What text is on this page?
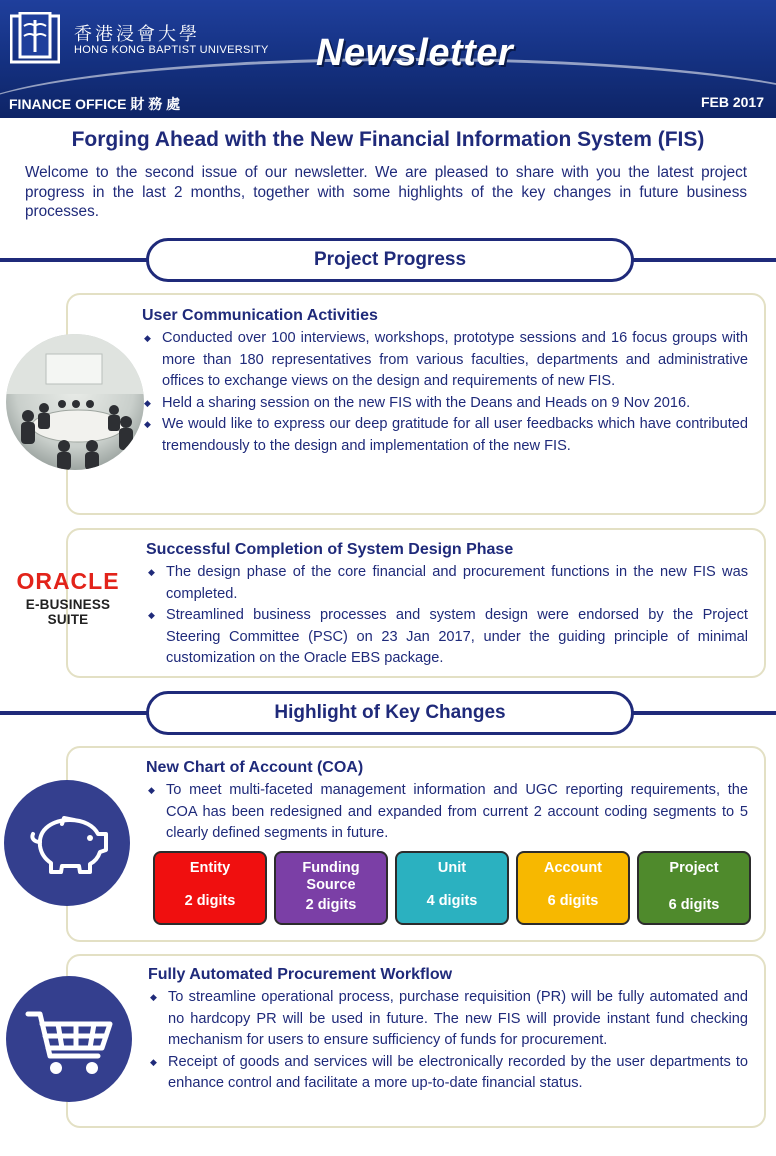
香港浸會大學
HONG KONG BAPTIST UNIVERSITY Newsletter
FINANCE OFFICE 財 務 處	FEB 2017
Forging Ahead with the New Financial Information System (FIS)

Welcome to the second issue of our newsletter. We are pleased to share with you the latest project progress in the last 2 months, together with some highlights of the key changes in future business processes.

Project Progress
User Communication Activities
◆ Conducted over 100 interviews, workshops, prototype sessions and 16 focus groups with more than 180 representatives from various faculties, departments and administrative offices to exchange views on the design and requirements of new FIS.
◆ Held a sharing session on the new FIS with the Deans and Heads on 9 Nov 2016.
◆ We would like to express our deep gratitude for all user feedbacks which have contributed tremendously to the design and implementation of the new FIS.
Successful Completion of System Design Phase
◆ The design phase of the core financial and procurement functions in the new FIS was completed.
◆ Streamlined business processes and system design were endorsed by the Project Steering Committee (PSC) on 23 Jan 2017, under the guiding principle of minimal customization on the Oracle EBS package.
ORACLE
E-BUSINESS SUITE
Highlight of Key Changes
New Chart of Account (COA)
◆ To meet multi-faceted management information and UGC reporting requirements, the COA has been redesigned and expanded from current 2 account coding segments to 5 clearly defined segments in future.
Entity
2 digits
Funding Source
2 digits
Unit
4 digits
Account
6 digits
Project
6 digits
Fully Automated Procurement Workflow
◆ To streamline operational process, purchase requisition (PR) will be fully automated and no hardcopy PR will be used in future. The new FIS will provide instant fund checking mechanism for users to ensure sufficiency of funds for procurement.
◆ Receipt of goods and services will be electronically recorded by the user departments to enhance control and facilitate a more up-to-date financial status.
